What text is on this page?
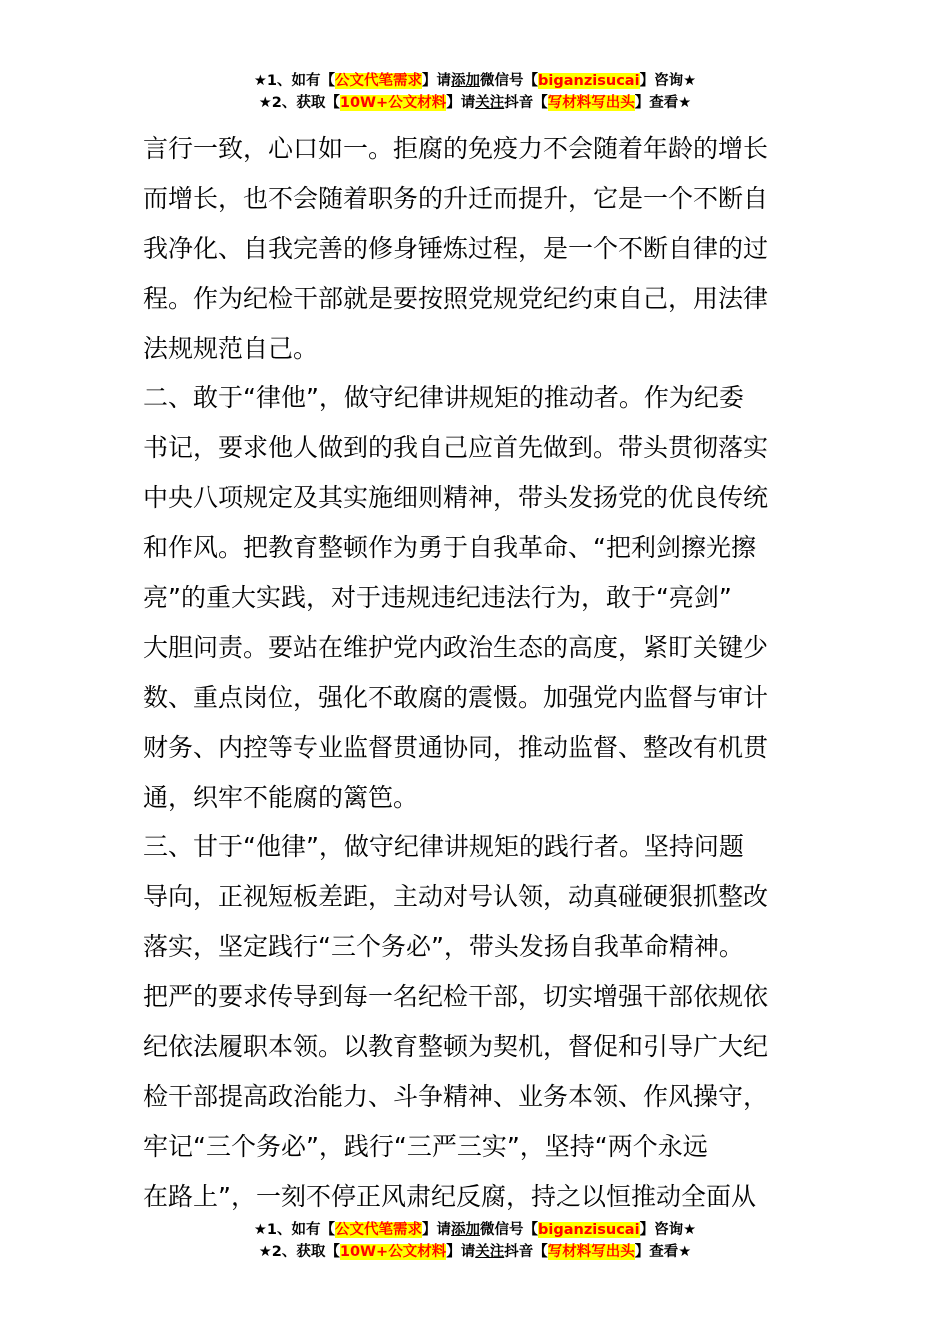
★1、如有【公文代笔需求】请添加微信号【biganzisucai】咨询★
★2、获取【10W+公文材料】请关注抖音【写材料写出头】查看★
言行一致，心口如一。拒腐的免疫力不会随着年龄的增长
而增长，也不会随着职务的升迁而提升，它是一个不断自
我净化、自我完善的修身锤炼过程，是一个不断自律的过
程。作为纪检干部就是要按照党规党纪约束自己，用法律
法规规范自己。
二、敢于“律他”，做守纪律讲规矩的推动者。作为纪委
书记，要求他人做到的我自己应首先做到。带头贯彻落实
中央八项规定及其实施细则精神，带头发扬党的优良传统
和作风。把教育整顿作为勇于自我革命、“把利剑擦光擦
亮”的重大实践，对于违规违纪违法行为，敢于“亮剑”
大胆问责。要站在维护党内政治生态的高度，紧盯关键少
数、重点岗位，强化不敢腐的震慑。加强党内监督与审计
财务、内控等专业监督贯通协同，推动监督、整改有机贯
通，织牢不能腐的篱笆。
三、甘于“他律”，做守纪律讲规矩的践行者。坚持问题
导向，正视短板差距，主动对号认领，动真碰硬狠抓整改
落实，坚定践行“三个务必”，带头发扬自我革命精神。
把严的要求传导到每一名纪检干部，切实增强干部依规依
纪依法履职本领。以教育整顿为契机，督促和引导广大纪
检干部提高政治能力、斗争精神、业务本领、作风操守，
牢记“三个务必”，践行“三严三实”，坚持“两个永远
在路上”，一刻不停正风肃纪反腐，持之以恒推动全面从
★1、如有【公文代笔需求】请添加微信号【biganzisucai】咨询★
★2、获取【10W+公文材料】请关注抖音【写材料写出头】查看★
